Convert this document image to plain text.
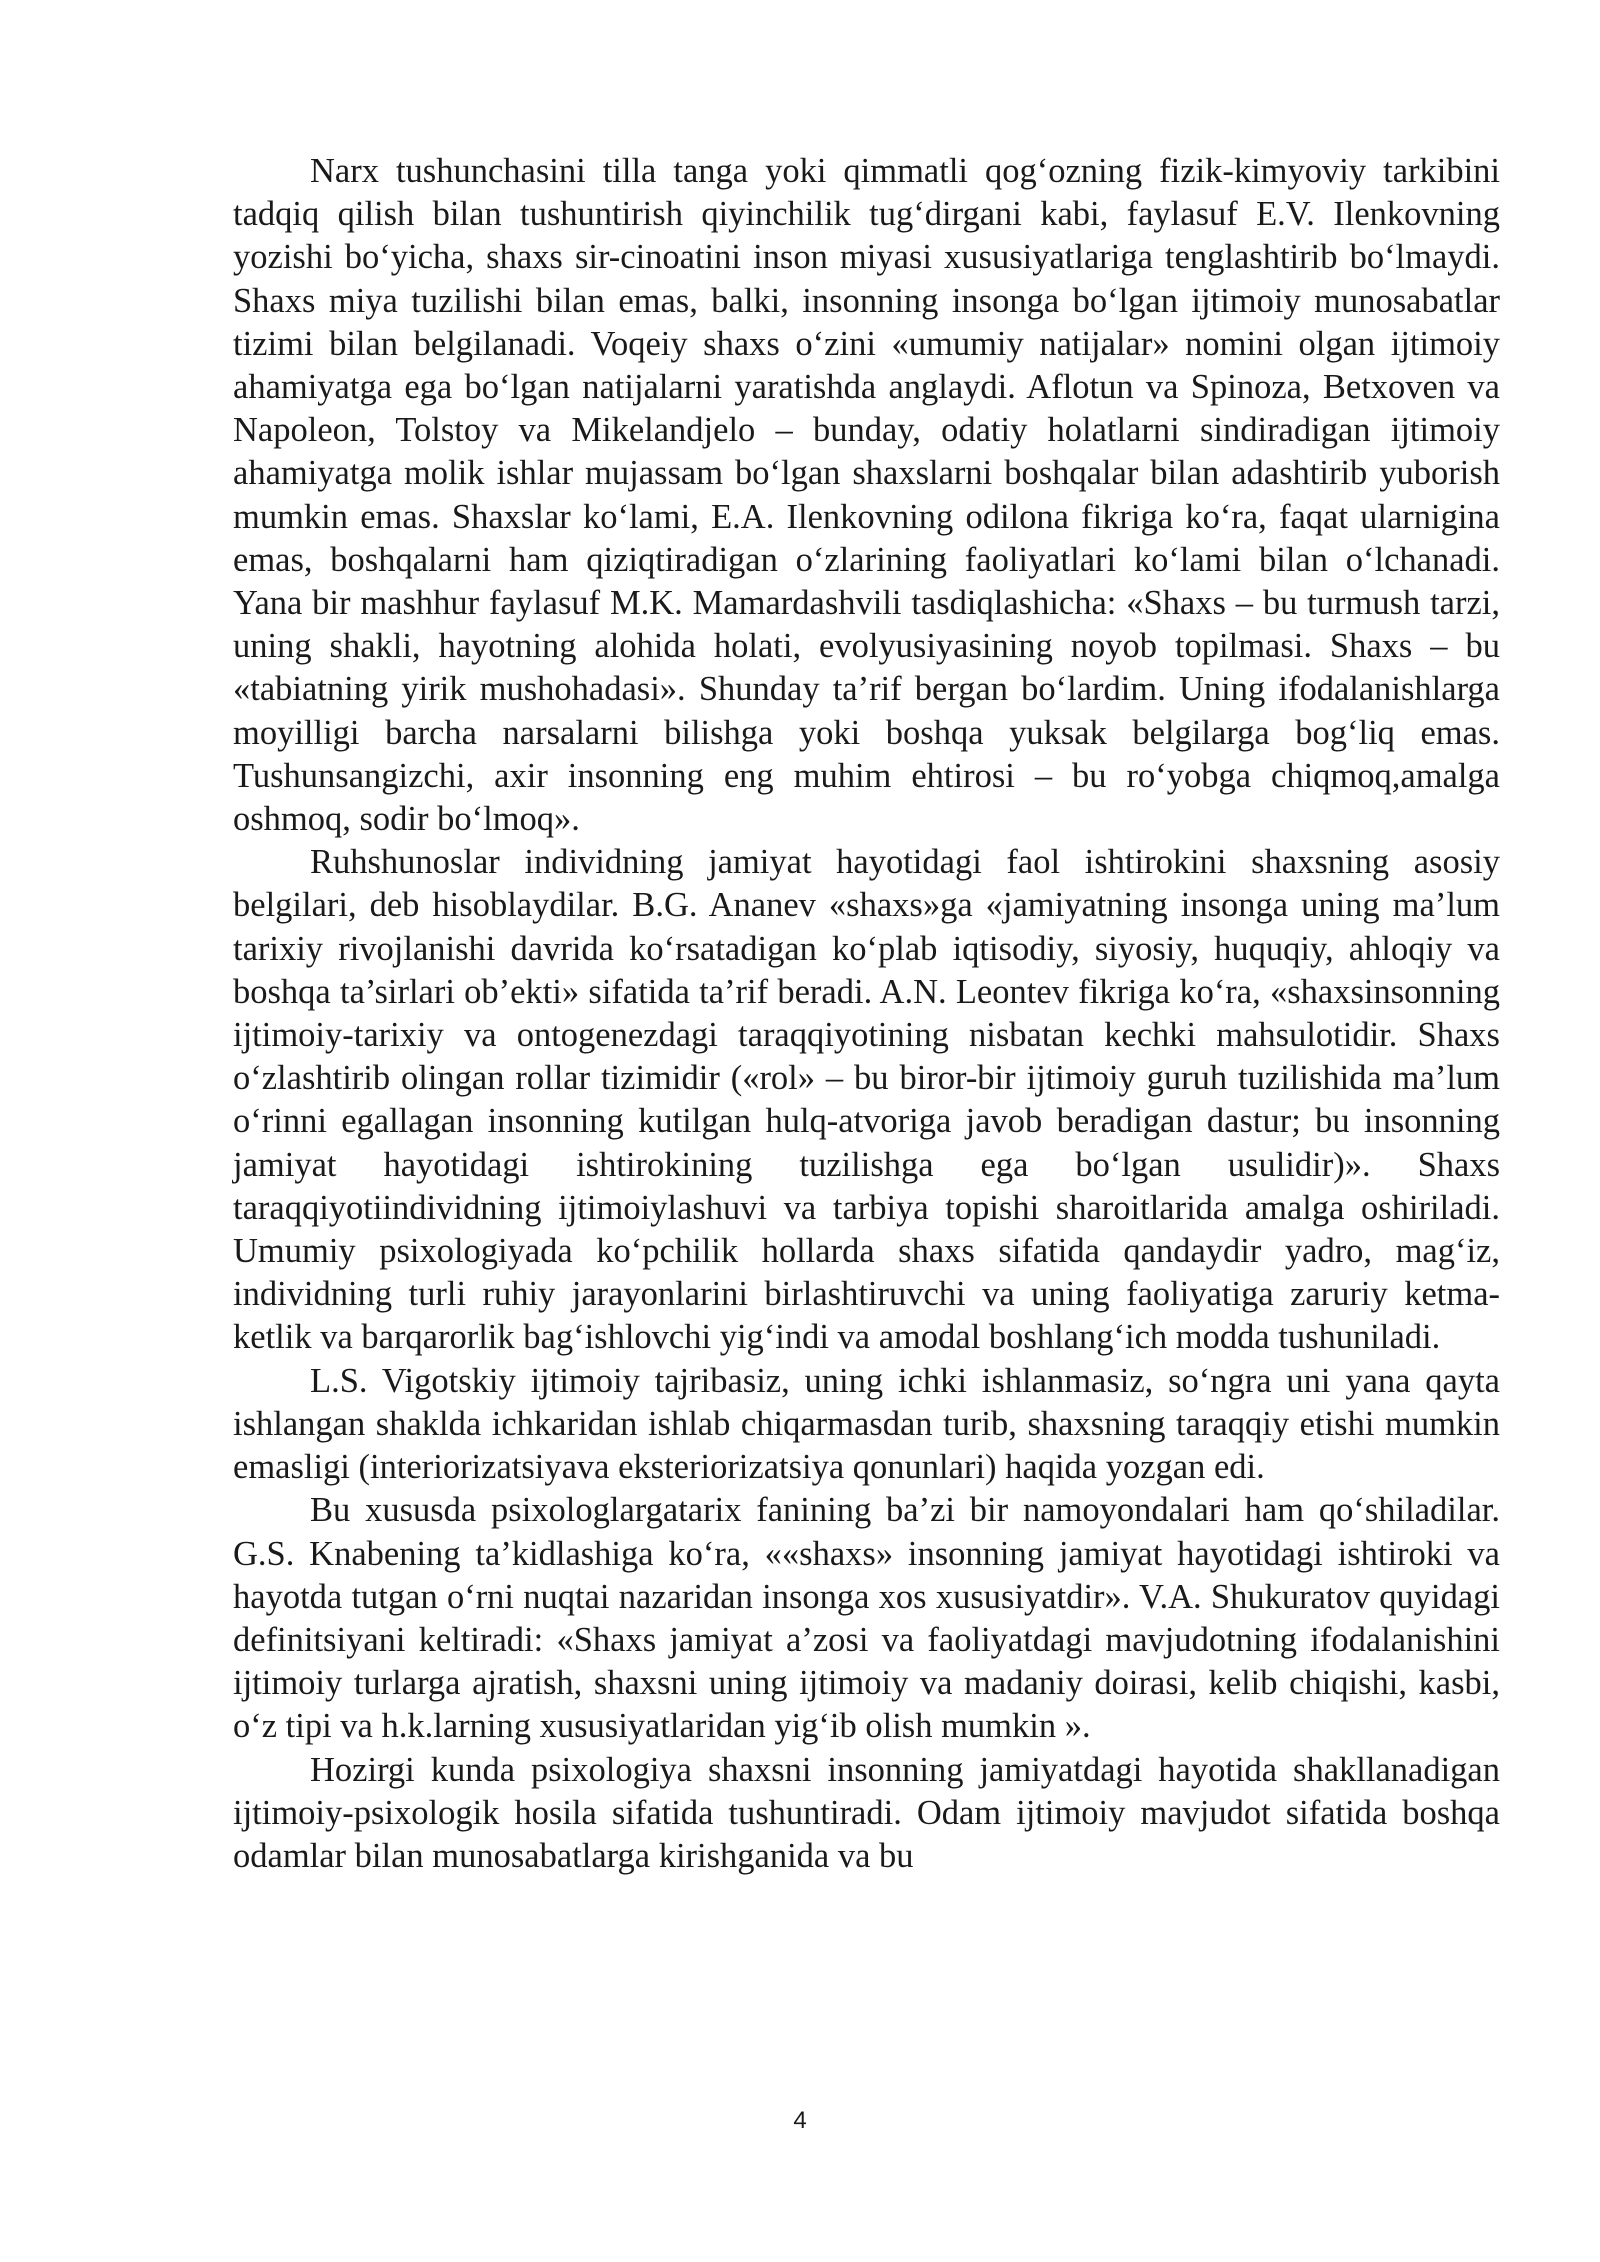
Narx tushunchasini tilla tanga yoki qimmatli qog‘ozning fizik-kimyoviy tarkibini tadqiq qilish bilan tushuntirish qiyinchilik tug‘dirgani kabi, faylasuf E.V. Ilenkovning yozishi bo‘yicha, shaxs sir-cinoatini inson miyasi xususiyatlariga tenglashtirib bo‘lmaydi. Shaxs miya tuzilishi bilan emas, balki, insonning insonga bo‘lgan ijtimoiy munosabatlar tizimi bilan belgilanadi. Voqeiy shaxs o‘zini «umumiy natijalar» nomini olgan ijtimoiy ahamiyatga ega bo‘lgan natijalarni yaratishda anglaydi. Aflotun va Spinoza, Betxoven va Napoleon, Tolstoy va Mikelandjelo – bunday, odatiy holatlarni sindiradigan ijtimoiy ahamiyatga molik ishlar mujassam bo‘lgan shaxslarni boshqalar bilan adashtirib yuborish mumkin emas. Shaxslar ko‘lami, E.A. Ilenkovning odilona fikriga ko‘ra, faqat ularnigina emas, boshqalarni ham qiziqtiradigan o‘zlarining faoliyatlari ko‘lami bilan o‘lchanadi. Yana bir mashhur faylasuf M.K. Mamardashvili tasdiqlashicha: «Shaxs – bu turmush tarzi, uning shakli, hayotning alohida holati, evolyusiyasining noyob topilmasi. Shaxs – bu «tabiatning yirik mushohadasi». Shunday ta’rif bergan bo‘lardim. Uning ifodalanishlarga moyilligi barcha narsalarni bilishga yoki boshqa yuksak belgilarga bog‘liq emas. Tushunsangizchi, axir insonning eng muhim ehtirosi – bu ro‘yobga chiqmoq,amalga oshmoq, sodir bo‘lmoq».

Ruhshunoslar individning jamiyat hayotidagi faol ishtirokini shaxsning asosiy belgilari, deb hisoblaydilar. B.G. Ananev «shaxs»ga «jamiyatning insonga uning ma’lum tarixiy rivojlanishi davrida ko‘rsatadigan ko‘plab iqtisodiy, siyosiy, huquqiy, ahloqiy va boshqa ta’sirlari ob’ekti» sifatida ta’rif beradi. A.N. Leontev fikriga ko‘ra, «shaxsinsonning ijtimoiy-tarixiy va ontogenezdagi taraqqiyotining nisbatan kechki mahsulotidir. Shaxs o‘zlashtirib olingan rollar tizimidir («rol» – bu biror-bir ijtimoiy guruh tuzilishida ma’lum o‘rinni egallagan insonning kutilgan hulq-atvoriga javob beradigan dastur; bu insonning jamiyat hayotidagi ishtirokining tuzilishga ega bo‘lgan usulidir)». Shaxs taraqqiyotiindividning ijtimoiylashuvi va tarbiya topishi sharoitlarida amalga oshiriladi. Umumiy psixologiyada ko‘pchilik hollarda shaxs sifatida qandaydir yadro, mag‘iz, individning turli ruhiy jarayonlarini birlashtiruvchi va uning faoliyatiga zaruriy ketma-ketlik va barqarorlik bag‘ishlovchi yig‘indi va amodal boshlang‘ich modda tushuniladi.

L.S. Vigotskiy ijtimoiy tajribasiz, uning ichki ishlanmasiz, so‘ngra uni yana qayta ishlangan shaklda ichkaridan ishlab chiqarmasdan turib, shaxsning taraqqiy etishi mumkin emasligi (interiorizatsiyava eksteriorizatsiya qonunlari) haqida yozgan edi.

Bu xususda psixologlargatarix fanining ba’zi bir namoyondalari ham qo‘shiladilar. G.S. Knabening ta’kidlashiga ko‘ra, ««shaxs» insonning jamiyat hayotidagi ishtiroki va hayotda tutgan o‘rni nuqtai nazaridan insonga xos xususiyatdir». V.A. Shukuratov quyidagi definitsiyani keltiradi: «Shaxs jamiyat a’zosi va faoliyatdagi mavjudotning ifodalanishini ijtimoiy turlarga ajratish, shaxsni uning ijtimoiy va madaniy doirasi, kelib chiqishi, kasbi, o‘z tipi va h.k.larning xususiyatlaridan yig‘ib olish mumkin ».

Hozirgi kunda psixologiya shaxsni insonning jamiyatdagi hayotida shakllanadigan ijtimoiy-psixologik hosila sifatida tushuntiradi. Odam ijtimoiy mavjudot sifatida boshqa odamlar bilan munosabatlarga kirishganida va bu

4
